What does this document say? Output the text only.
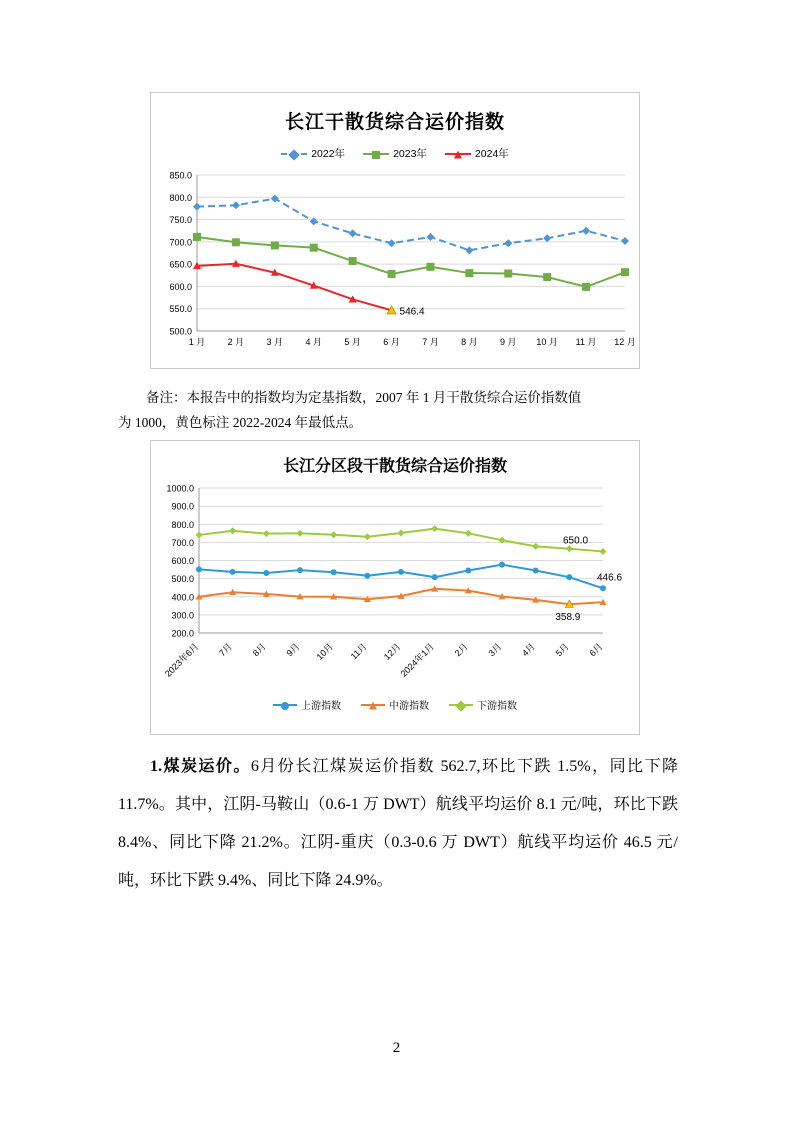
长江干散货综合运价指数
2022年	2023年	2024年
500.0
550.0
600.0
650.0
700.0
750.0
800.0
850.0
1 月 2 月 3 月 4 月 5 月 6 月 7 月 8 月 9 月 10 月 11 月 12 月
546.4
备注：本报告中的指数均为定基指数，2007 年 1 月干散货综合运价指数值
为 1000，黄色标注 2022-2024 年最低点。
长江分区段干散货综合运价指数
200.0
300.0
400.0
500.0
600.0
700.0
800.0
900.0
1000.0
2023年6月 7月 8月 9月 10月 11月 12月
2024年1月 2月 3月 4月 5月 6月
650.0
446.6
358.9
上游指数	中游指数	下游指数

1.煤炭运价。6月份长江煤炭运价指数 562.7,环比下跌 1.5%，同比下降 11.7%。其中，江阴-马鞍山（0.6-1 万 DWT）航线平均运价 8.1 元/吨，环比下跌 8.4%、同比下降 21.2%。江阴-重庆（0.3-0.6 万 DWT）航线平均运价 46.5 元/吨，环比下跌 9.4%、同比下降 24.9%。

2
